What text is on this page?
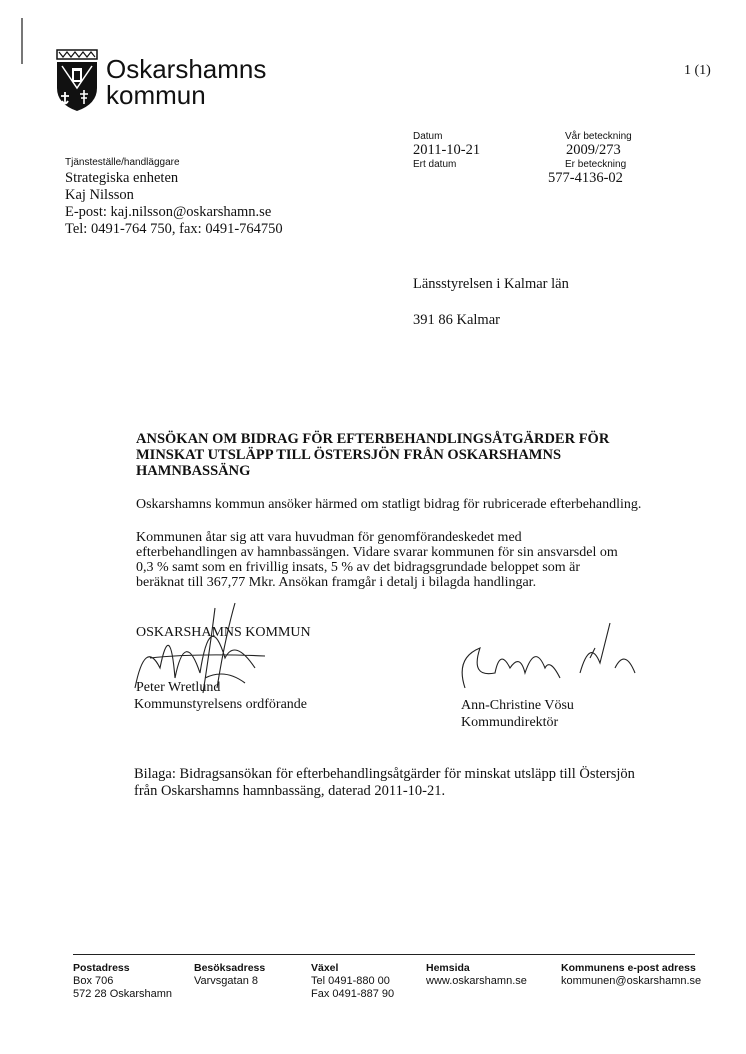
Oskarshamns
kommun
1 (1)
Datum
2011-10-21
Ert datum
Vår beteckning
2009/273
Er beteckning
577-4136-02
Tjänsteställe/handläggare
Strategiska enheten
Kaj Nilsson
E-post: kaj.nilsson@oskarshamn.se
Tel: 0491-764 750, fax: 0491-764750
Länsstyrelsen i Kalmar län
391 86 Kalmar
ANSÖKAN OM BIDRAG FÖR EFTERBEHANDLINGSÅTGÄRDER FÖR
MINSKAT UTSLÄPP TILL ÖSTERSJÖN FRÅN OSKARSHAMNS
HAMNBASSÄNG
Oskarshamns kommun ansöker härmed om statligt bidrag för rubricerade efterbehandling.
Kommunen åtar sig att vara huvudman för genomförandeskedet med efterbehandlingen av hamnbassängen. Vidare svarar kommunen för sin ansvarsdel om 0,3 % samt som en frivillig insats, 5 % av det bidragsgrundade beloppet som är beräknat till 367,77 Mkr. Ansökan framgår i detalj i bilagda handlingar.
OSKARSHAMNS KOMMUN
Peter Wretlund
Kommunstyrelsens ordförande	Ann-Christine Vösu
Kommundirektör
Bilaga: Bidragsansökan för efterbehandlingsåtgärder för minskat utsläpp till Östersjön
från Oskarshamns hamnbassäng, daterad 2011-10-21.
Postadress
Box 706
572 28 Oskarshamn
Besöksadress
Varvsgatan 8
Växel
Tel 0491-880 00
Fax 0491-887 90
Hemsida
www.oskarshamn.se
Kommunens e-post adress
kommunen@oskarshamn.se
